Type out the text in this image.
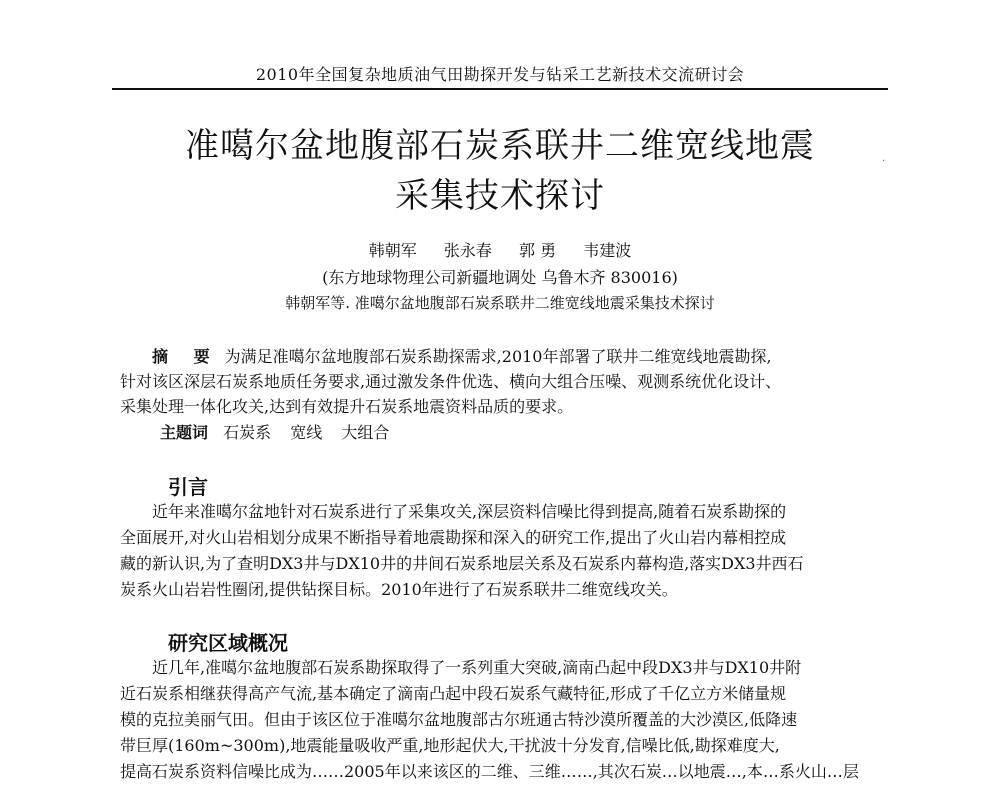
2010年全国复杂地质油气田勘探开发与钻采工艺新技术交流研讨会
·
准噶尔盆地腹部石炭系联井二维宽线地震
采集技术探讨
韩朝军 张永春 郭 勇 韦建波
(东方地球物理公司新疆地调处 乌鲁木齐 830016)
韩朝军等. 准噶尔盆地腹部石炭系联井二维宽线地震采集技术探讨
摘 要 为满足准噶尔盆地腹部石炭系勘探需求,2010年部署了联井二维宽线地震勘探,
针对该区深层石炭系地质任务要求,通过激发条件优选、横向大组合压噪、观测系统优化设计、
采集处理一体化攻关,达到有效提升石炭系地震资料品质的要求。
主题词 石炭系 宽线 大组合
引言
近年来准噶尔盆地针对石炭系进行了采集攻关,深层资料信噪比得到提高,随着石炭系勘探的
全面展开,对火山岩相划分成果不断指导着地震勘探和深入的研究工作,提出了火山岩内幕相控成
藏的新认识,为了查明DX3井与DX10井的井间石炭系地层关系及石炭系内幕构造,落实DX3井西石
炭系火山岩岩性圈闭,提供钻探目标。2010年进行了石炭系联井二维宽线攻关。
研究区域概况
近几年,准噶尔盆地腹部石炭系勘探取得了一系列重大突破,滴南凸起中段DX3井与DX10井附
近石炭系相继获得高产气流,基本确定了滴南凸起中段石炭系气藏特征,形成了千亿立方米储量规
模的克拉美丽气田。但由于该区位于准噶尔盆地腹部古尔班通古特沙漠所覆盖的大沙漠区,低降速
带巨厚(160m~300m),地震能量吸收严重,地形起伏大,干扰波十分发育,信噪比低,勘探难度大,
提高石炭系资料信噪比成为……2005年以来该区的二维、三维……,其次石炭…以地震…,本…系火山…层
